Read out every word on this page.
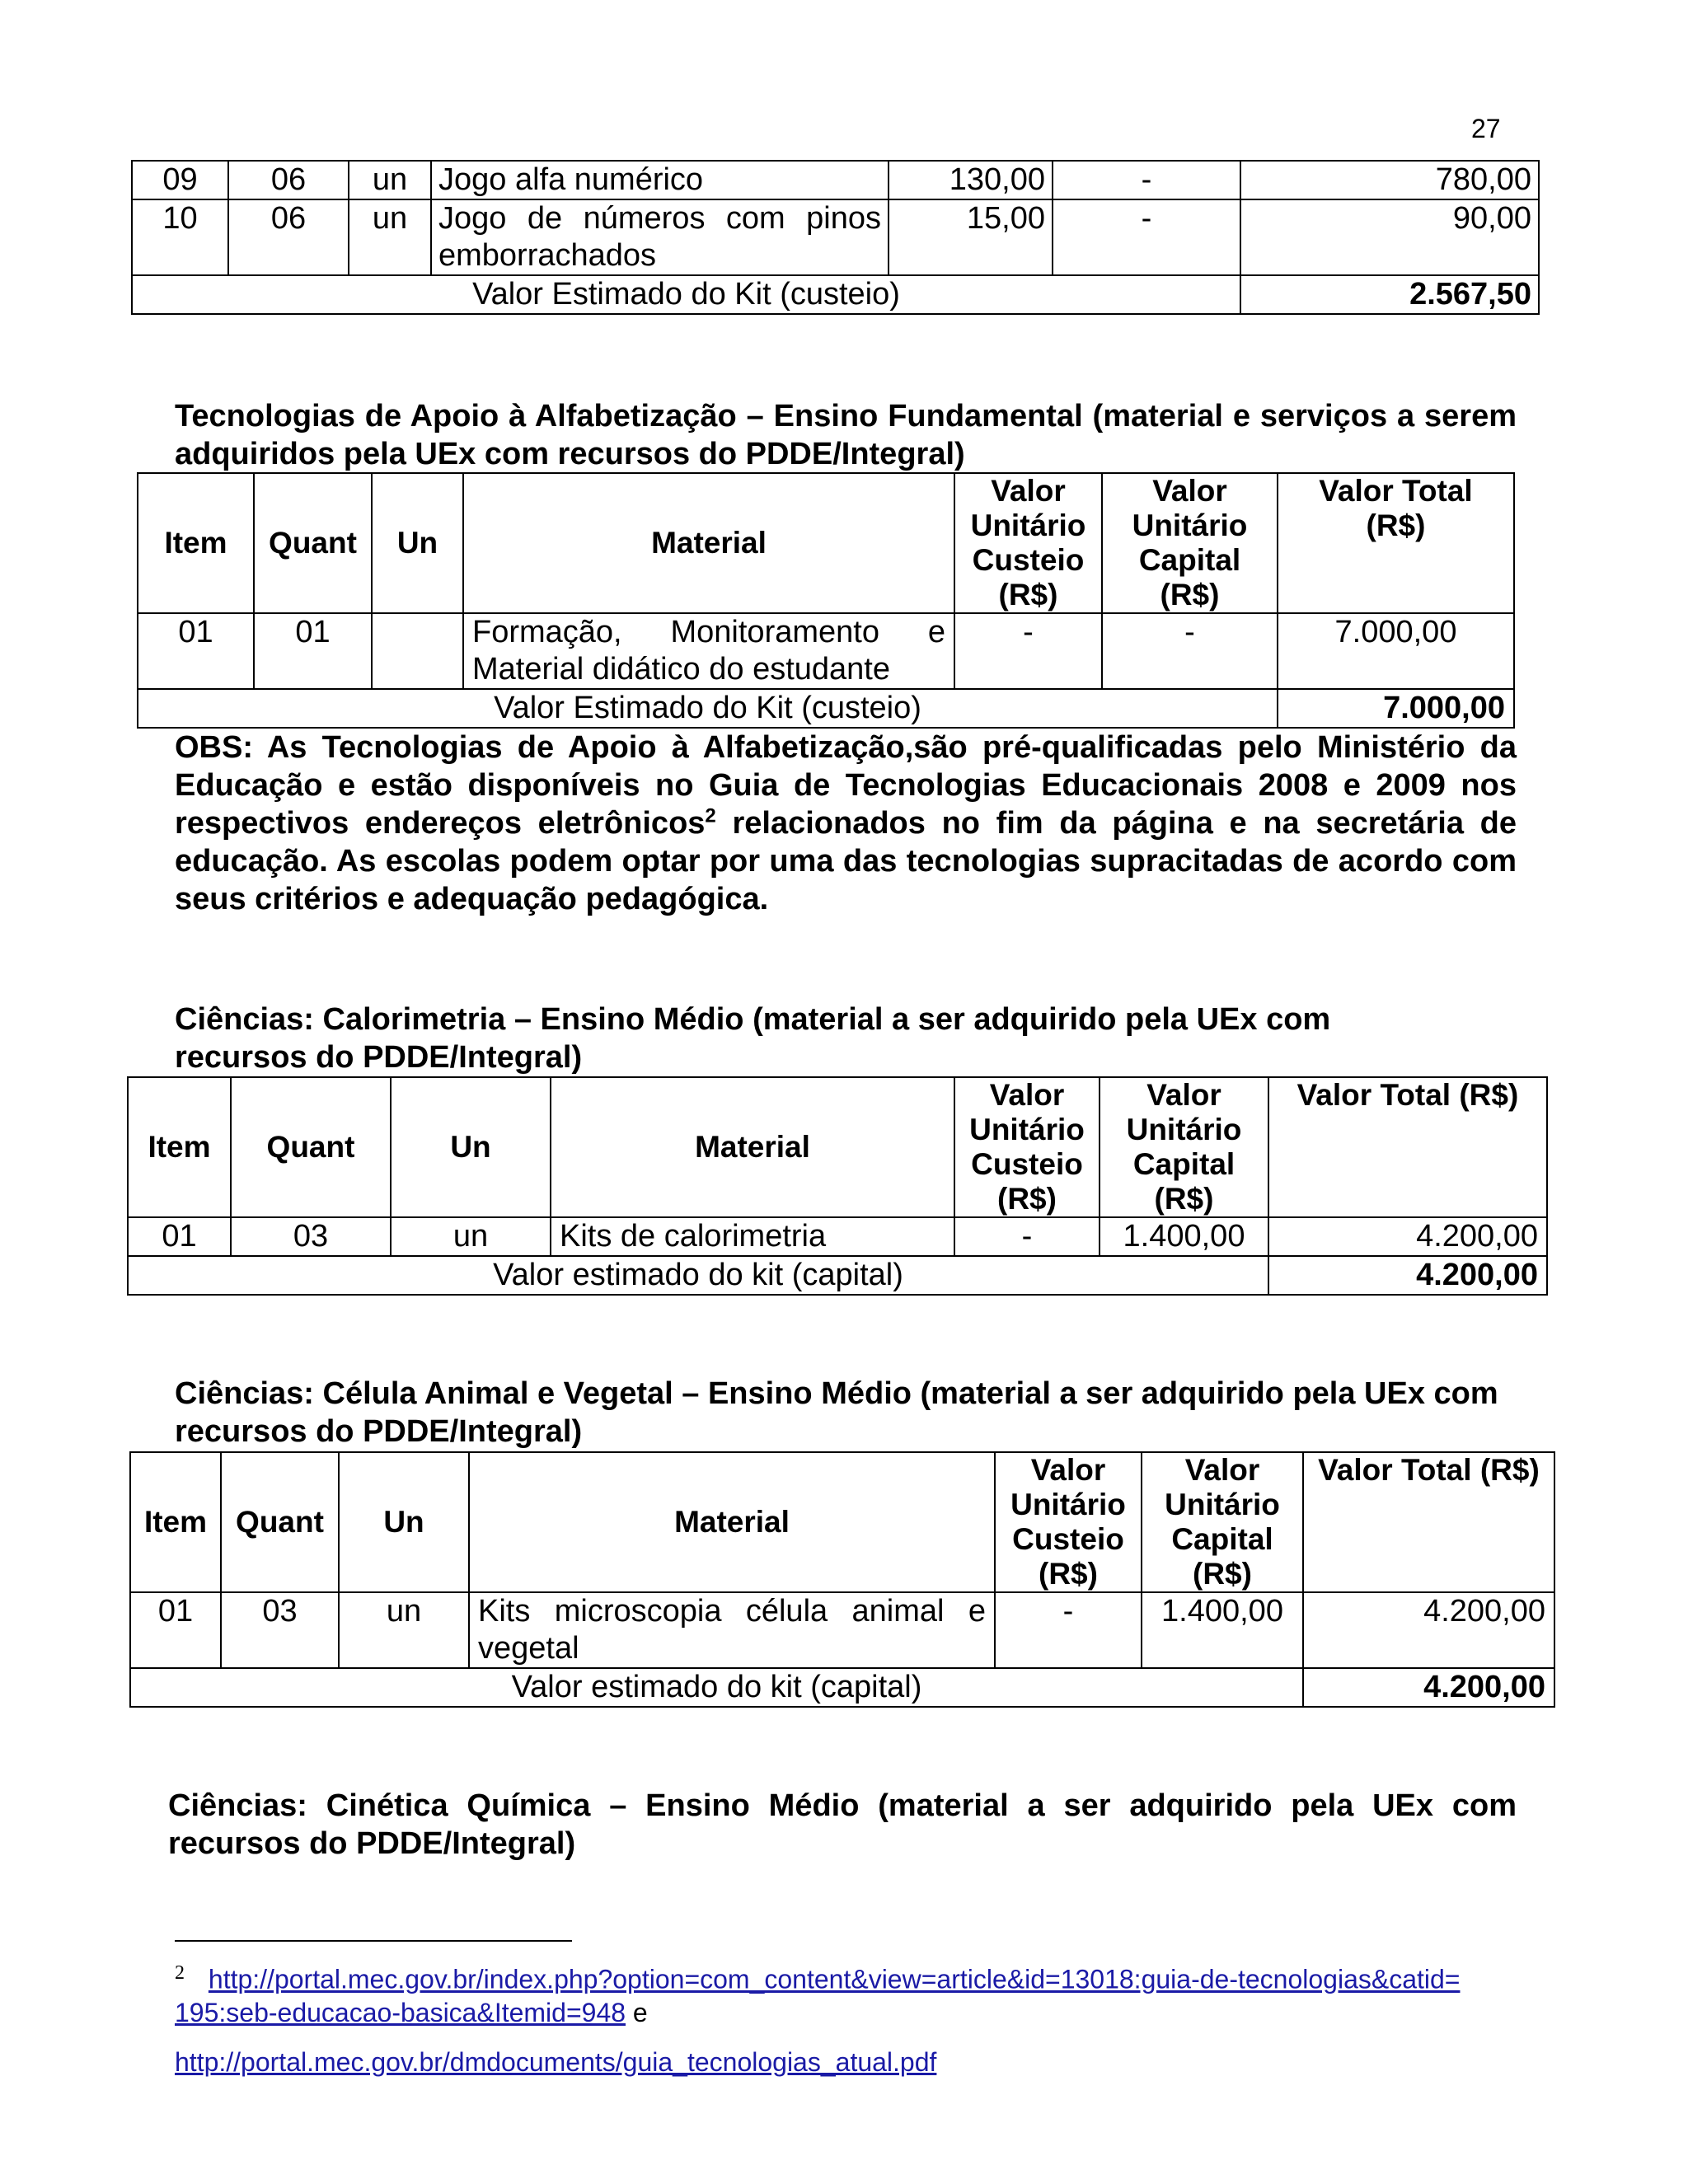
27
09	06	un	Jogo alfa numérico	130,00	-	780,00
10	06	un	Jogo de números com pinos emborrachados	15,00	-	90,00
Valor Estimado do Kit (custeio)						2.567,50

Tecnologias de Apoio à Alfabetização – Ensino Fundamental (material e serviços a serem adquiridos pela UEx com recursos do PDDE/Integral)

Item	Quant	Un	Material	Valor Unitário Custeio (R$)	Valor Unitário Capital (R$)	Valor Total (R$)
01	01		Formação, Monitoramento e Material didático do estudante	-	-	7.000,00
Valor Estimado do Kit (custeio)						7.000,00

OBS: As Tecnologias de Apoio à Alfabetização,são pré-qualificadas pelo Ministério da Educação e estão disponíveis no Guia de Tecnologias Educacionais 2008 e 2009 nos respectivos endereços eletrônicos$^2$ relacionados no fim da página e na secretária de educação. As escolas podem optar por uma das tecnologias supracitadas de acordo com seus critérios e adequação pedagógica.

Ciências: Calorimetria – Ensino Médio (material a ser adquirido pela UEx com recursos do PDDE/Integral)

Item	Quant	Un	Material	Valor Unitário Custeio (R$)	Valor Unitário Capital (R$)	Valor Total (R$)
01	03	un	Kits de calorimetria	-	1.400,00	4.200,00
Valor estimado do kit (capital)						4.200,00

Ciências: Célula Animal e Vegetal – Ensino Médio (material a ser adquirido pela UEx com recursos do PDDE/Integral)

Item	Quant	Un	Material	Valor Unitário Custeio (R$)	Valor Unitário Capital (R$)	Valor Total (R$)
01	03	un	Kits microscopia célula animal e vegetal	-	1.400,00	4.200,00
Valor estimado do kit (capital)						4.200,00

Ciências: Cinética Química – Ensino Médio (material a ser adquirido pela UEx com recursos do PDDE/Integral)

$^2$ http://portal.mec.gov.br/index.php?option=com_content&view=article&id=13018:guia-de-tecnologias&catid=195:seb-educacao-basica&Itemid=948 e
http://portal.mec.gov.br/dmdocuments/guia_tecnologias_atual.pdf
